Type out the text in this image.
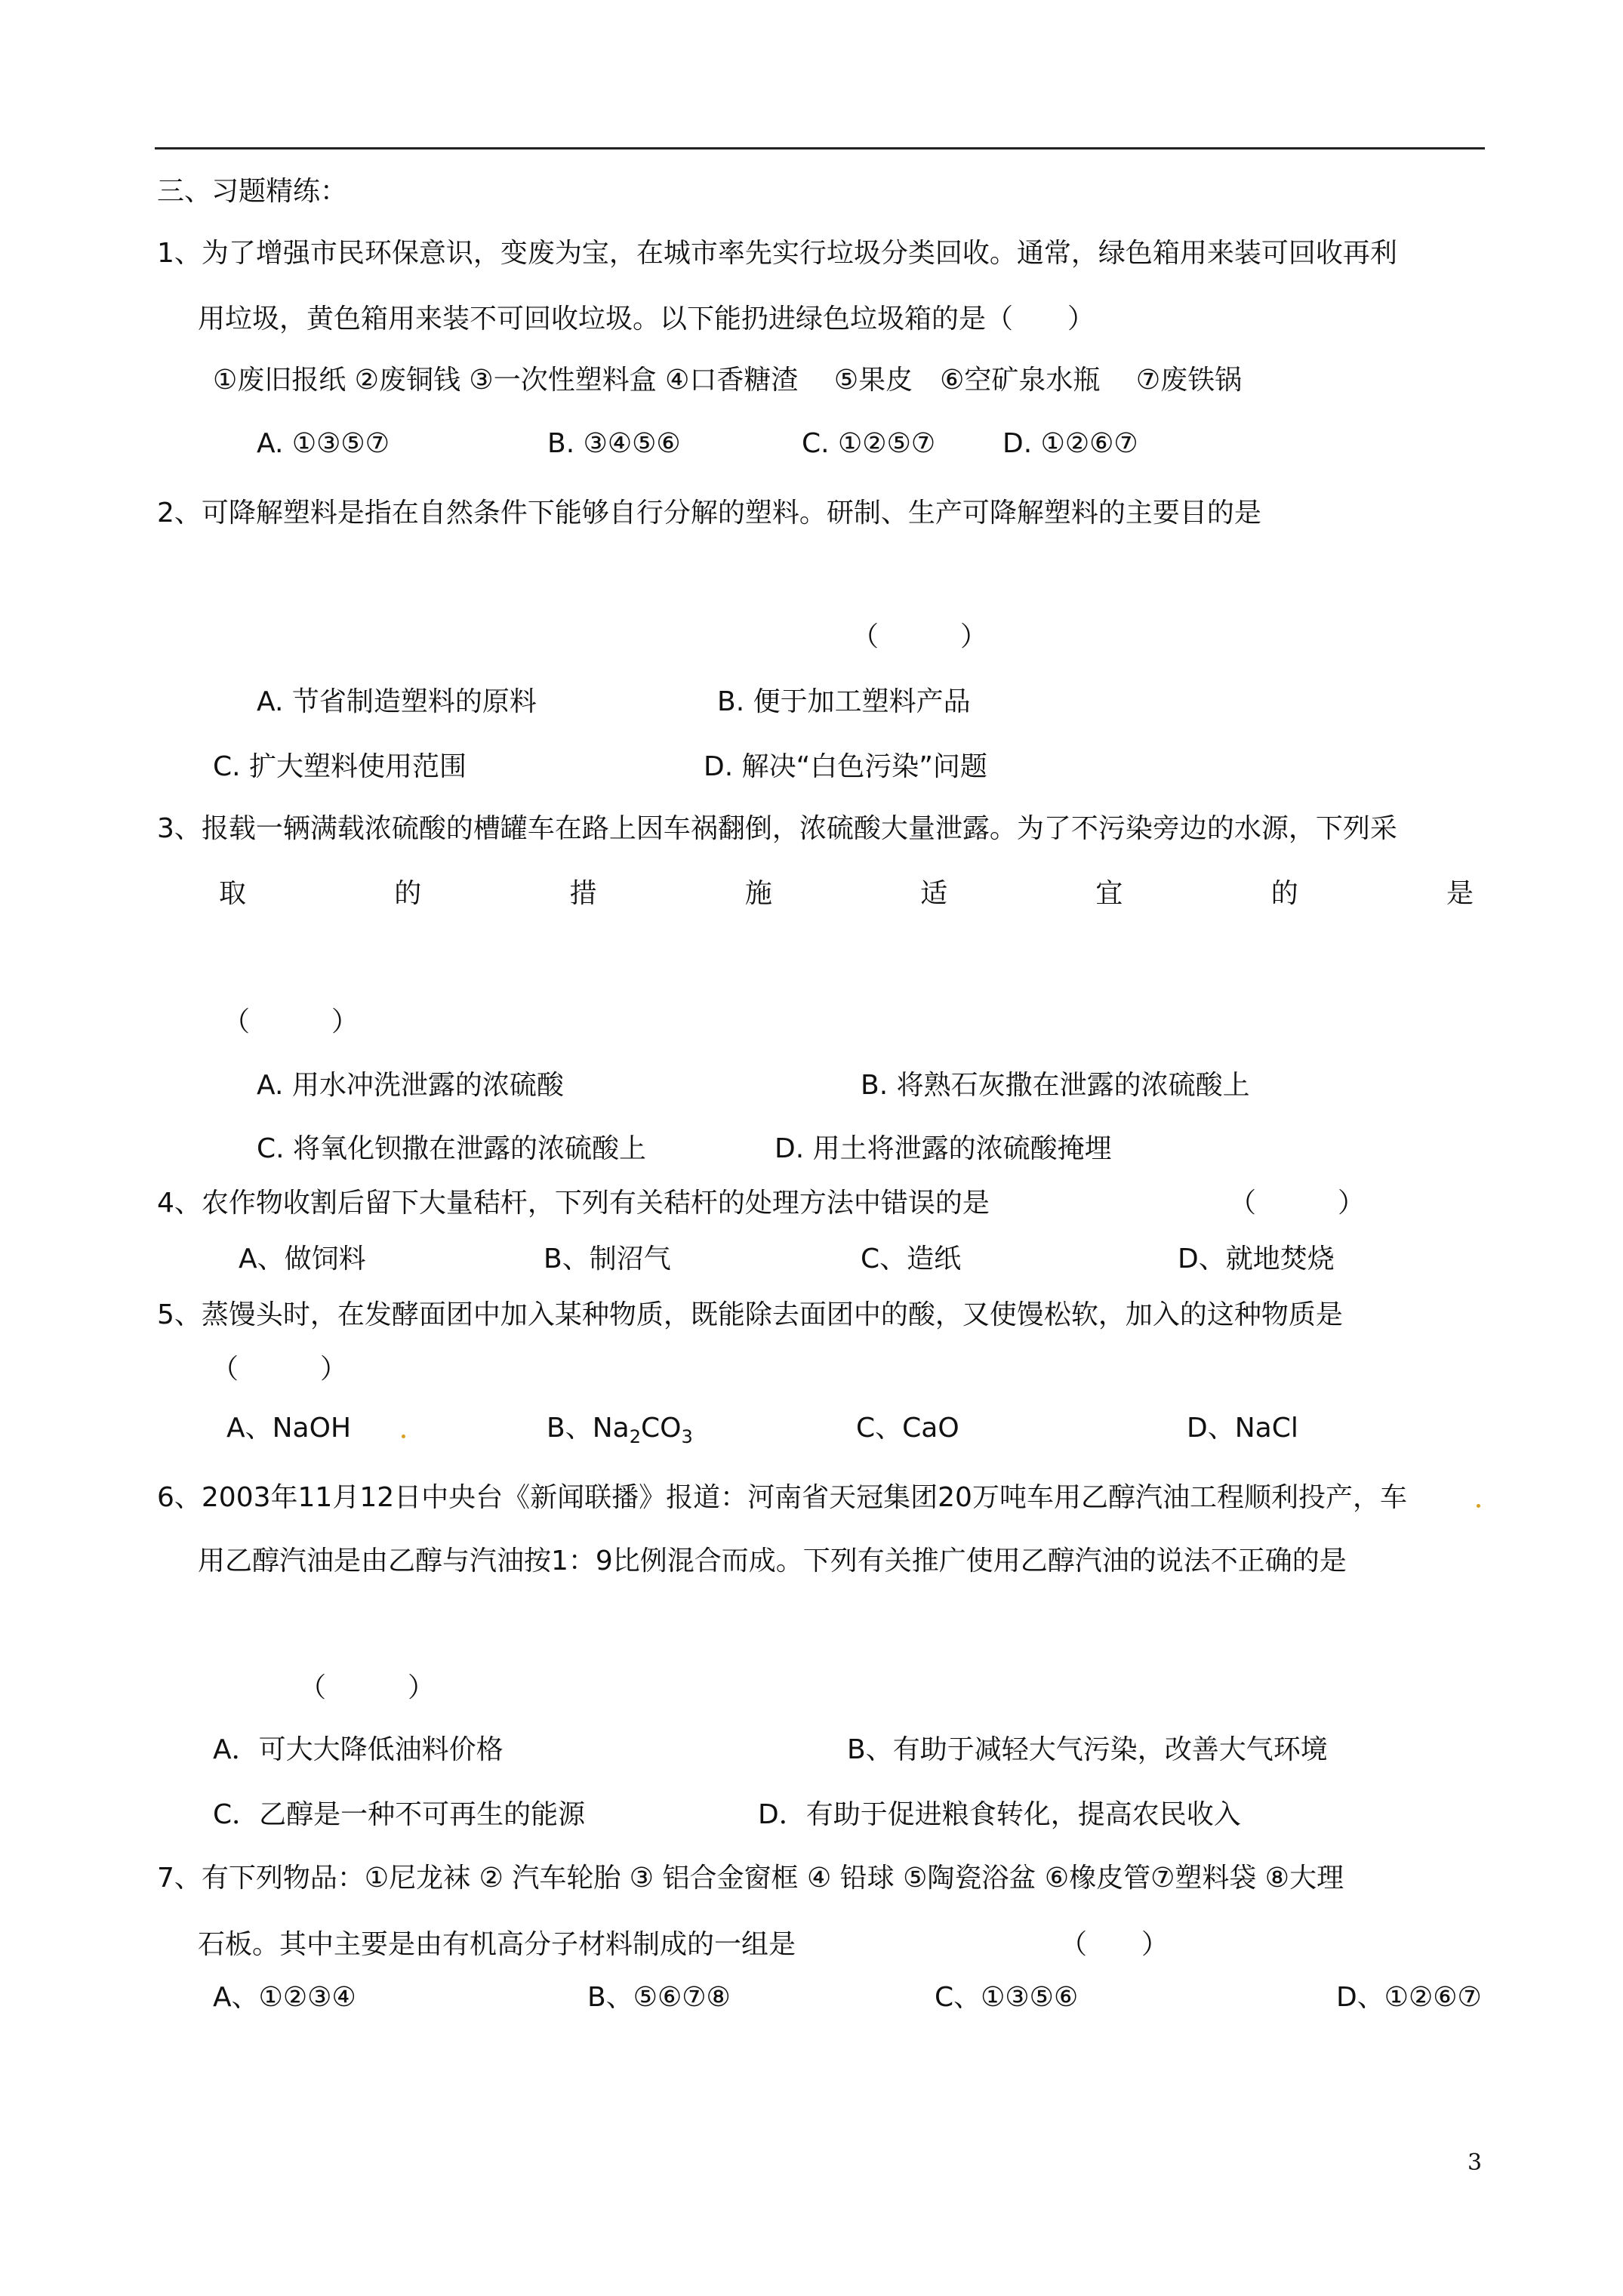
三、习题精练：
1、为了增强市民环保意识，变废为宝，在城市率先实行垃圾分类回收。通常，绿色箱用来装可回收再利
用垃圾，黄色箱用来装不可回收垃圾。以下能扔进绿色垃圾箱的是（　　）
①废旧报纸 ②废铜钱 ③一次性塑料盒 ④口香糖渣　 ⑤果皮　⑥空矿泉水瓶　 ⑦废铁锅
A. ①③⑤⑦	B. ③④⑤⑥	C. ①②⑤⑦ D. ①②⑥⑦
2、可降解塑料是指在自然条件下能够自行分解的塑料。研制、生产可降解塑料的主要目的是
（　　　）
A. 节省制造塑料的原料	B. 便于加工塑料产品
C. 扩大塑料使用范围	D. 解决“白色污染”问题
3、报载一辆满载浓硫酸的槽罐车在路上因车祸翻倒，浓硫酸大量泄露。为了不污染旁边的水源，下列采
取	的	措	施	适	宜	的	是
（　　　）
A. 用水冲洗泄露的浓硫酸	B. 将熟石灰撒在泄露的浓硫酸上
C. 将氧化钡撒在泄露的浓硫酸上	D. 用土将泄露的浓硫酸掩埋
4、农作物收割后留下大量秸杆，下列有关秸杆的处理方法中错误的是	（　　　）
A、做饲料	B、制沼气	C、造纸	D、就地焚烧
5、蒸馒头时，在发酵面团中加入某种物质，既能除去面团中的酸，又使馒松软，加入的这种物质是
（　　　）
A、NaOH	B、$Na_2CO_3$	C、CaO	D、NaCl
6、2003年11月12日中央台《新闻联播》报道：河南省天冠集团20万吨车用乙醇汽油工程顺利投产，车
用乙醇汽油是由乙醇与汽油按1：9比例混合而成。下列有关推广使用乙醇汽油的说法不正确的是
（　　　）
A．可大大降低油料价格	B、有助于减轻大气污染，改善大气环境
C．乙醇是一种不可再生的能源	D．有助于促进粮食转化，提高农民收入
7、有下列物品：①尼龙袜 ② 汽车轮胎 ③ 铝合金窗框 ④ 铅球 ⑤陶瓷浴盆 ⑥橡皮管⑦塑料袋 ⑧大理
石板。其中主要是由有机高分子材料制成的一组是	（　　）
A、①②③④	B、⑤⑥⑦⑧	C、①③⑤⑥	D、①②⑥⑦
3
